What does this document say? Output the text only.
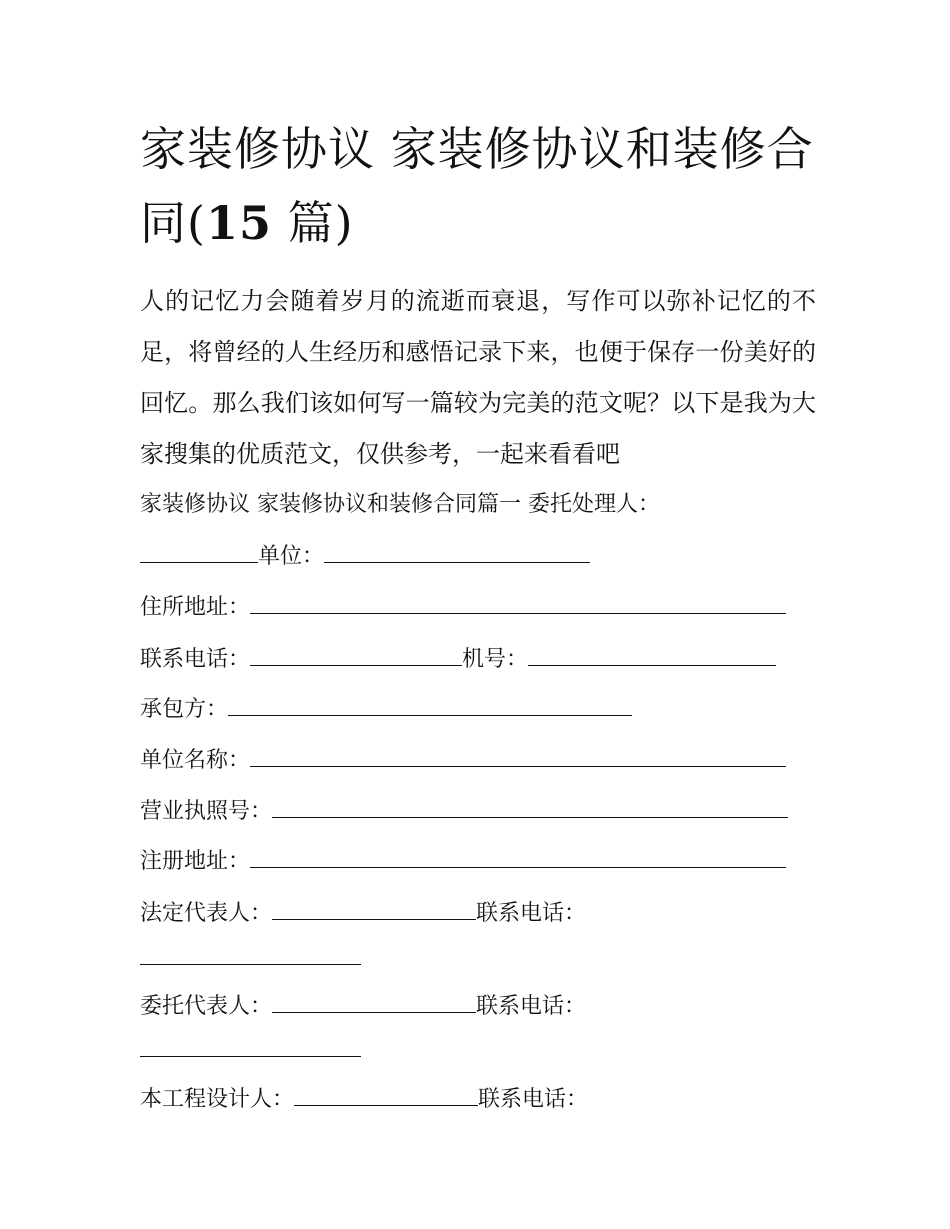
家装修协议 家装修协议和装修合同(15 篇)
人的记忆力会随着岁月的流逝而衰退，写作可以弥补记忆的不足，将曾经的人生经历和感悟记录下来，也便于保存一份美好的回忆。那么我们该如何写一篇较为完美的范文呢？以下是我为大家搜集的优质范文，仅供参考，一起来看看吧
家装修协议 家装修协议和装修合同篇一 委托处理人：
单位：
住所地址：
联系电话：	机号：
承包方：
单位名称：
营业执照号：
注册地址：
法定代表人：	联系电话：
委托代表人：	联系电话：
本工程设计人：	联系电话：
